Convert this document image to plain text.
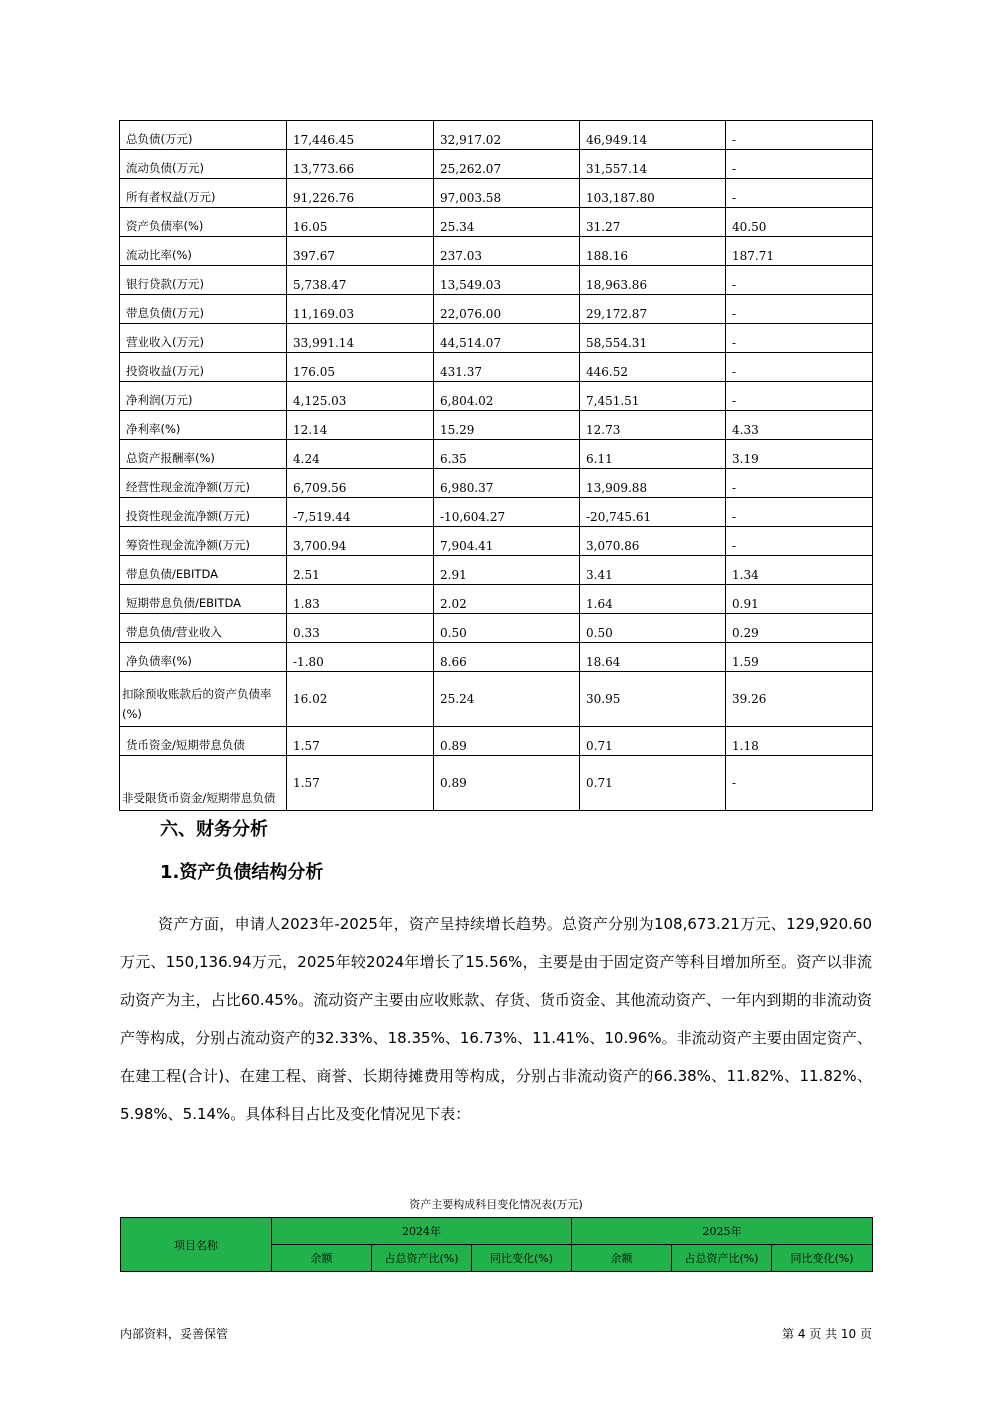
总负债(万元)	17,446.45	32,917.02	46,949.14	-
流动负债(万元)	13,773.66	25,262.07	31,557.14	-
所有者权益(万元)	91,226.76	97,003.58	103,187.80	-
资产负债率(%)	16.05	25.34	31.27	40.50
流动比率(%)	397.67	237.03	188.16	187.71
银行贷款(万元)	5,738.47	13,549.03	18,963.86	-
带息负债(万元)	11,169.03	22,076.00	29,172.87	-
营业收入(万元)	33,991.14	44,514.07	58,554.31	-
投资收益(万元)	176.05	431.37	446.52	-
净利润(万元)	4,125.03	6,804.02	7,451.51	-
净利率(%)	12.14	15.29	12.73	4.33
总资产报酬率(%)	4.24	6.35	6.11	3.19
经营性现金流净额(万元)	6,709.56	6,980.37	13,909.88	-
投资性现金流净额(万元)	-7,519.44	-10,604.27	-20,745.61	-
筹资性现金流净额(万元)	3,700.94	7,904.41	3,070.86	-
带息负债/EBITDA	2.51	2.91	3.41	1.34
短期带息负债/EBITDA	1.83	2.02	1.64	0.91
带息负债/营业收入	0.33	0.50	0.50	0.29
净负债率(%)	-1.80	8.66	18.64	1.59
扣除预收账款后的资产负债率(%)	16.02	25.24	30.95	39.26
货币资金/短期带息负债	1.57	0.89	0.71	1.18
非受限货币资金/短期带息负债	1.57	0.89	0.71	-
六、财务分析
1.资产负债结构分析

资产方面，申请人2023年-2025年，资产呈持续增长趋势。总资产分别为108,673.21万元、129,920.60万元、150,136.94万元，2025年较2024年增长了15.56%，主要是由于固定资产等科目增加所至。资产以非流动资产为主，占比60.45%。流动资产主要由应收账款、存货、货币资金、其他流动资产、一年内到期的非流动资产等构成，分别占流动资产的32.33%、18.35%、16.73%、11.41%、10.96%。非流动资产主要由固定资产、在建工程(合计)、在建工程、商誉、长期待摊费用等构成，分别占非流动资产的66.38%、11.82%、11.82%、5.98%、5.14%。具体科目占比及变化情况见下表：

资产主要构成科目变化情况表(万元)
项目名称	2024年			2025年		
	余额	占总资产比(%)	同比变化(%)	余额	占总资产比(%)	同比变化(%)
内部资料，妥善保管	第 4 页 共 10 页
